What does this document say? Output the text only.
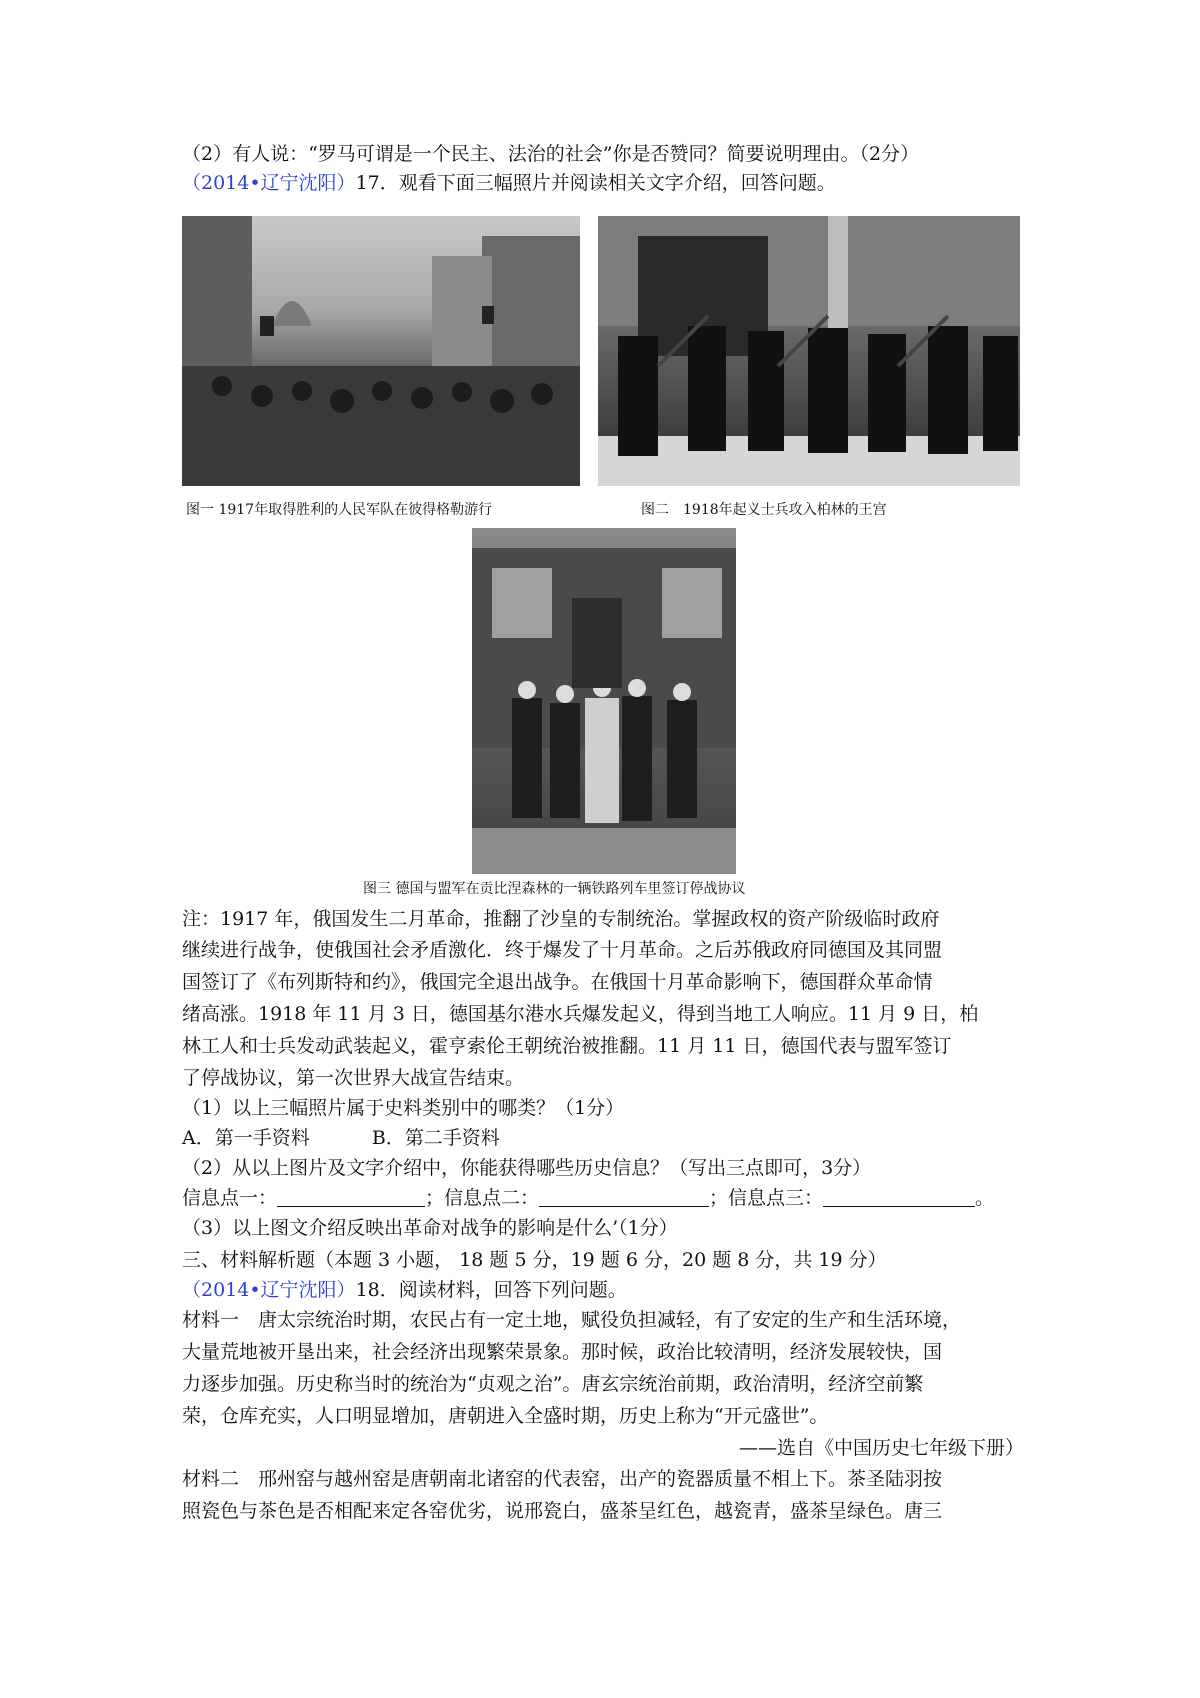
（2）有人说：“罗马可谓是一个民主、法治的社会”你是否赞同？简要说明理由。（2分）
（2014•辽宁沈阳）17．观看下面三幅照片并阅读相关文字介绍，回答问题。
图一 1917年取得胜利的人民军队在彼得格勒游行	图二　1918年起义士兵攻入柏林的王宫
图三 德国与盟军在贡比涅森林的一辆铁路列车里签订停战协议
注：1917 年，俄国发生二月革命，推翻了沙皇的专制统治。掌握政权的资产阶级临时政府
继续进行战争，使俄国社会矛盾激化．终于爆发了十月革命。之后苏俄政府同德国及其同盟
国签订了《布列斯特和约》，俄国完全退出战争。在俄国十月革命影响下，德国群众革命情
绪高涨。1918 年 11 月 3 日，德国基尔港水兵爆发起义，得到当地工人响应。11 月 9 日，柏
林工人和士兵发动武装起义，霍亨索伦王朝统治被推翻。11 月 11 日，德国代表与盟军签订
了停战协议，第一次世界大战宣告结束。
（1）以上三幅照片属于史料类别中的哪类？（1分）
A．第一手资料	B．第二手资料
（2）从以上图片及文字介绍中，你能获得哪些历史信息？（写出三点即可，3分）
信息点一：	；信息点二：	；信息点三：	。
（3）以上图文介绍反映出革命对战争的影响是什么’（1分）
三、材料解析题（本题 3 小题， 18 题 5 分，19 题 6 分，20 题 8 分，共 19 分）
（2014•辽宁沈阳）18．阅读材料，回答下列问题。
材料一　唐太宗统治时期，农民占有一定土地，赋役负担减轻，有了安定的生产和生活环境，
大量荒地被开垦出来，社会经济出现繁荣景象。那时候，政治比较清明，经济发展较快，国
力逐步加强。历史称当时的统治为“贞观之治”。唐玄宗统治前期，政治清明，经济空前繁
荣，仓库充实，人口明显增加，唐朝进入全盛时期，历史上称为“开元盛世”。
——选自《中国历史七年级下册）
材料二　邢州窑与越州窑是唐朝南北诸窑的代表窑，出产的瓷器质量不相上下。茶圣陆羽按
照瓷色与茶色是否相配来定各窑优劣，说邢瓷白，盛茶呈红色，越瓷青，盛茶呈绿色。唐三
